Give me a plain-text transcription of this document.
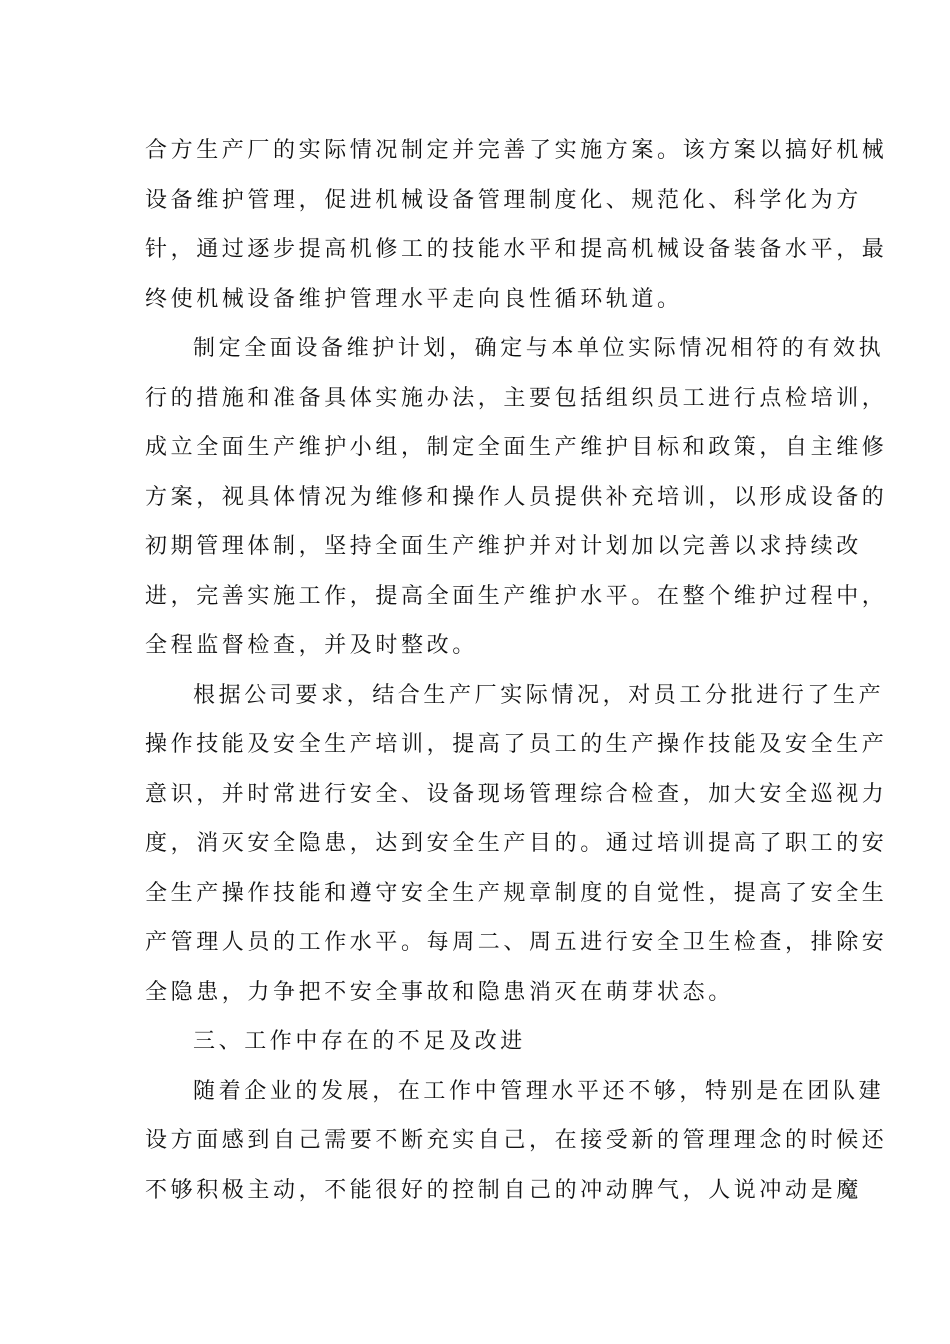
合方生产厂的实际情况制定并完善了实施方案。该方案以搞好机械
设备维护管理，促进机械设备管理制度化、规范化、科学化为方
针，通过逐步提高机修工的技能水平和提高机械设备装备水平，最
终使机械设备维护管理水平走向良性循环轨道。
制定全面设备维护计划，确定与本单位实际情况相符的有效执
行的措施和准备具体实施办法，主要包括组织员工进行点检培训，
成立全面生产维护小组，制定全面生产维护目标和政策，自主维修
方案，视具体情况为维修和操作人员提供补充培训，以形成设备的
初期管理体制，坚持全面生产维护并对计划加以完善以求持续改
进，完善实施工作，提高全面生产维护水平。在整个维护过程中，
全程监督检查，并及时整改。
根据公司要求，结合生产厂实际情况，对员工分批进行了生产
操作技能及安全生产培训，提高了员工的生产操作技能及安全生产
意识，并时常进行安全、设备现场管理综合检查，加大安全巡视力
度，消灭安全隐患，达到安全生产目的。通过培训提高了职工的安
全生产操作技能和遵守安全生产规章制度的自觉性，提高了安全生
产管理人员的工作水平。每周二、周五进行安全卫生检查，排除安
全隐患，力争把不安全事故和隐患消灭在萌芽状态。
三、工作中存在的不足及改进
随着企业的发展，在工作中管理水平还不够，特别是在团队建
设方面感到自己需要不断充实自己，在接受新的管理理念的时候还
不够积极主动，不能很好的控制自己的冲动脾气，人说冲动是魔
